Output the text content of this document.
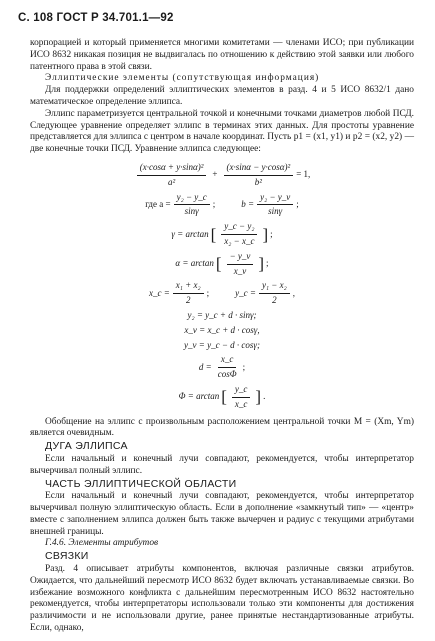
С. 108 ГОСТ Р 34.701.1—92

корпорацией и который применяется многими комитетами — членами ИСО; при публикации ИСО 8632 никакая позиция не выдвигалась по отношению к действию этой заявки или любого патентного права в этой связи.

Эллиптические элементы (сопутствующая информация)

Для поддержки определений эллиптических элементов в разд. 4 и 5 ИСО 8632/1 дано математическое определение эллипса.

Эллипс параметризуется центральной точкой и конечными точками диаметров любой ПСД. Следующее уравнение определяет эллипс в терминах этих данных. Для простоты уравнение представляется для эллипса с центром в начале координат. Пусть p1 = (x1, y1) и p2 = (x2, y2) — две конечные точки ПСД. Уравнение эллипса следующее:

$\frac{\text{(x·cosα + y·sinα)²}}{\text{a²}} + \frac{\text{(x·sinα − y·cosα)²}}{\text{b²}} = 1$,
где $a = \frac{\text{y₂ − y\_c}}{\sin\gamma}$ ;	$b = \frac{\text{y₂ − y\_v}}{\sin\gamma}$ ;
γ = arctan [ $\frac{\text{y\_c − y₂}}{\text{x₂ − x\_c}}$ ] ;
α = arctan [ $\frac{- y\_v}{x\_v}$ ] ;
x_c = $\frac{\text{x₁ + x₂}}{2}$ ;	y_c = $\frac{\text{y₁ − x₂}}{2}$ ,
y₂ = y_c + d · sinγ;
x_v = x_c + d · cosγ,
y_v = y_c − d · cosγ;
$d = \frac{x\_c}{\cos\Phi}$ ;
Φ = arctan [ $\frac{y\_c}{x\_c}$ ] .

Обобщение на эллипс с произвольным расположением центральной точки M = (Xm, Ym) является очевидным.

ДУГА ЭЛЛИПСА

Если начальный и конечный лучи совпадают, рекомендуется, чтобы интерпретатор вычерчивал полный эллипс.

ЧАСТЬ ЭЛЛИПТИЧЕСКОЙ ОБЛАСТИ

Если начальный и конечный лучи совпадают, рекомендуется, чтобы интерпретатор вычерчивал полную эллиптическую область. Если в дополнение «замкнутый тип» — «центр» вместе с заполнением эллипса должен быть также вычерчен и радиус с текущими атрибутами внешней границы.

Г.4.6. Элементы атрибутов

СВЯЗКИ

Разд. 4 описывает атрибуты компонентов, включая различные связки атрибутов. Ожидается, что дальнейший пересмотр ИСО 8632 будет включать устанавливаемые связки. Во избежание возможного конфликта с дальнейшим пересмотренным ИСО 8632 настоятельно рекомендуется, чтобы интерпретаторы использовали только эти компоненты для достижения различимости и не использовали другие, ранее принятые нестандартизованные атрибуты. Если, однако,
